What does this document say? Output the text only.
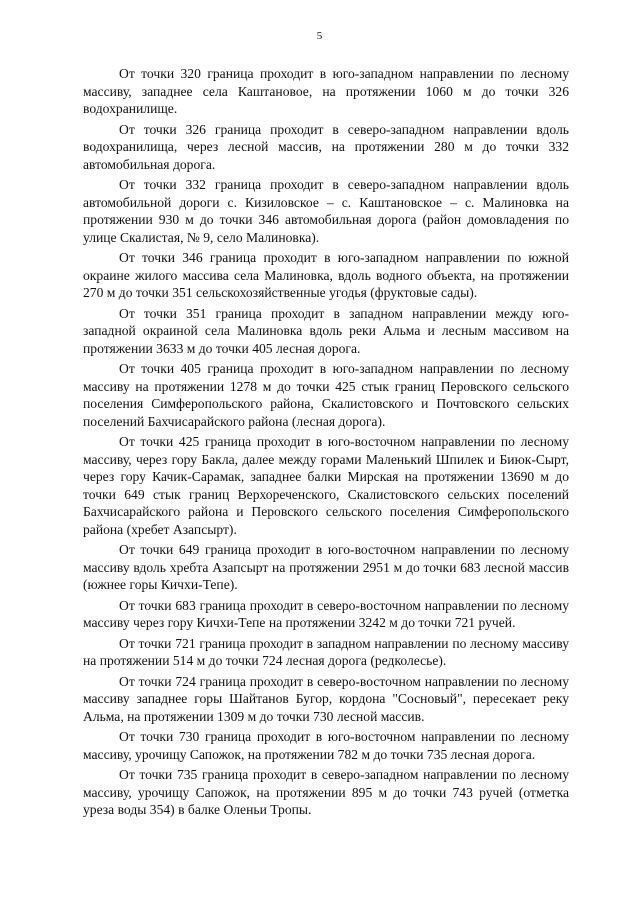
5

От точки 320 граница проходит в юго-западном направлении по лесному массиву, западнее села Каштановое, на протяжении 1060 м до точки 326 водохранилище.

От точки 326 граница проходит в северо-западном направлении вдоль водохранилища, через лесной массив, на протяжении 280 м до точки 332 автомобильная дорога.

От точки 332 граница проходит в северо-западном направлении вдоль автомобильной дороги с. Кизиловское – с. Каштановское – с. Малиновка на протяжении 930 м до точки 346 автомобильная дорога (район домовладения по улице Скалистая, № 9, село Малиновка).

От точки 346 граница проходит в юго-западном направлении по южной окраине жилого массива села Малиновка, вдоль водного объекта, на протяжении 270 м до точки 351 сельскохозяйственные угодья (фруктовые сады).

От точки 351 граница проходит в западном направлении между юго-западной окраиной села Малиновка вдоль реки Альма и лесным массивом на протяжении 3633 м до точки 405 лесная дорога.

От точки 405 граница проходит в юго-западном направлении по лесному массиву на протяжении 1278 м до точки 425 стык границ Перовского сельского поселения Симферопольского района, Скалистовского и Почтовского сельских поселений Бахчисарайского района (лесная дорога).

От точки 425 граница проходит в юго-восточном направлении по лесному массиву, через гору Бакла, далее между горами Маленький Шпилек и Биюк-Сырт, через гору Качик-Сарамак, западнее балки Мирская на протяжении 13690 м до точки 649 стык границ Верхореченского, Скалистовского сельских поселений Бахчисарайского района и Перовского сельского поселения Симферопольского района (хребет Азапсырт).

От точки 649 граница проходит в юго-восточном направлении по лесному массиву вдоль хребта Азапсырт на протяжении 2951 м до точки 683 лесной массив (южнее горы Кичхи-Тепе).

От точки 683 граница проходит в северо-восточном направлении по лесному массиву через гору Кичхи-Тепе на протяжении 3242 м до точки 721 ручей.

От точки 721 граница проходит в западном направлении по лесному массиву на протяжении 514 м до точки 724 лесная дорога (редколесье).

От точки 724 граница проходит в северо-восточном направлении по лесному массиву западнее горы Шайтанов Бугор, кордона "Сосновый", пересекает реку Альма, на протяжении 1309 м до точки 730 лесной массив.

От точки 730 граница проходит в юго-восточном направлении по лесному массиву, урочищу Сапожок, на протяжении 782 м до точки 735 лесная дорога.

От точки 735 граница проходит в северо-западном направлении по лесному массиву, урочищу Сапожок, на протяжении 895 м до точки 743 ручей (отметка уреза воды 354) в балке Оленьи Тропы.
